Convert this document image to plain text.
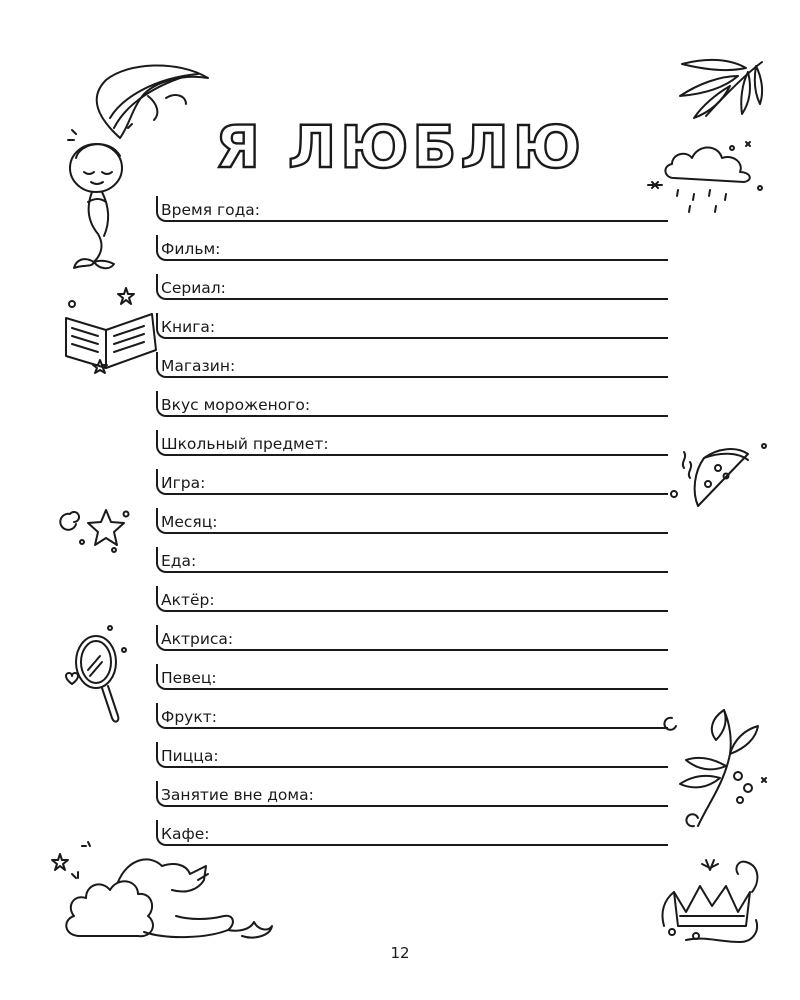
Я ЛЮБЛЮ
Время года:
Фильм:
Сериал:
Книга:
Магазин:
Вкус мороженого:
Школьный предмет:
Игра:
Месяц:
Еда:
Актёр:
Актриса:
Певец:
Фрукт:
Пицца:
Занятие вне дома:
Кафе:
12
